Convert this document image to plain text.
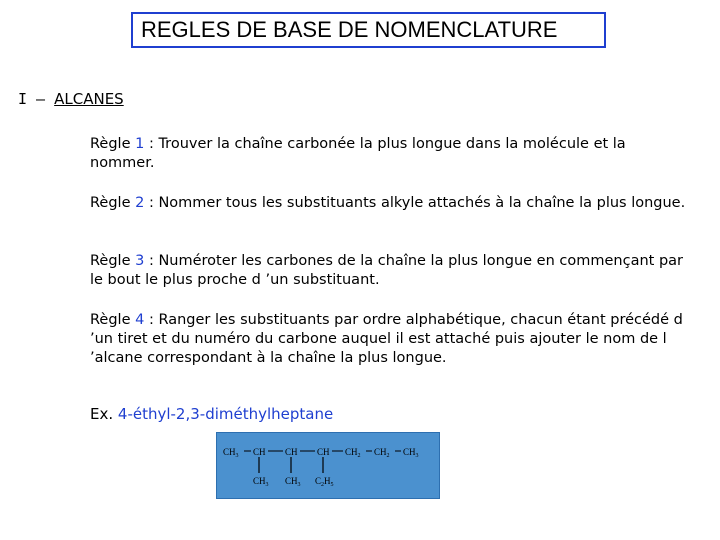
REGLES DE BASE DE NOMENCLATURE
I – ALCANES
Règle 1 : Trouver la chaîne carbonée la plus longue dans la molécule et la nommer.
Règle 2 : Nommer tous les substituants alkyle attachés à la chaîne la plus longue.
Règle 3 : Numéroter les carbones de la chaîne la plus longue en commençant par le bout le plus proche d ’un substituant.
Règle 4 : Ranger les substituants par ordre alphabétique, chacun étant précédé d ’un tiret et du numéro du carbone auquel il est attaché puis ajouter le nom de l ’alcane correspondant à la chaîne la plus longue.
Ex. 4-éthyl-2,3-diméthylheptane
$CH_3$ CH CH CH $CH_2$ $CH_2$ $CH_3$
$CH_3$ $CH_3$ $C_2H_5$
